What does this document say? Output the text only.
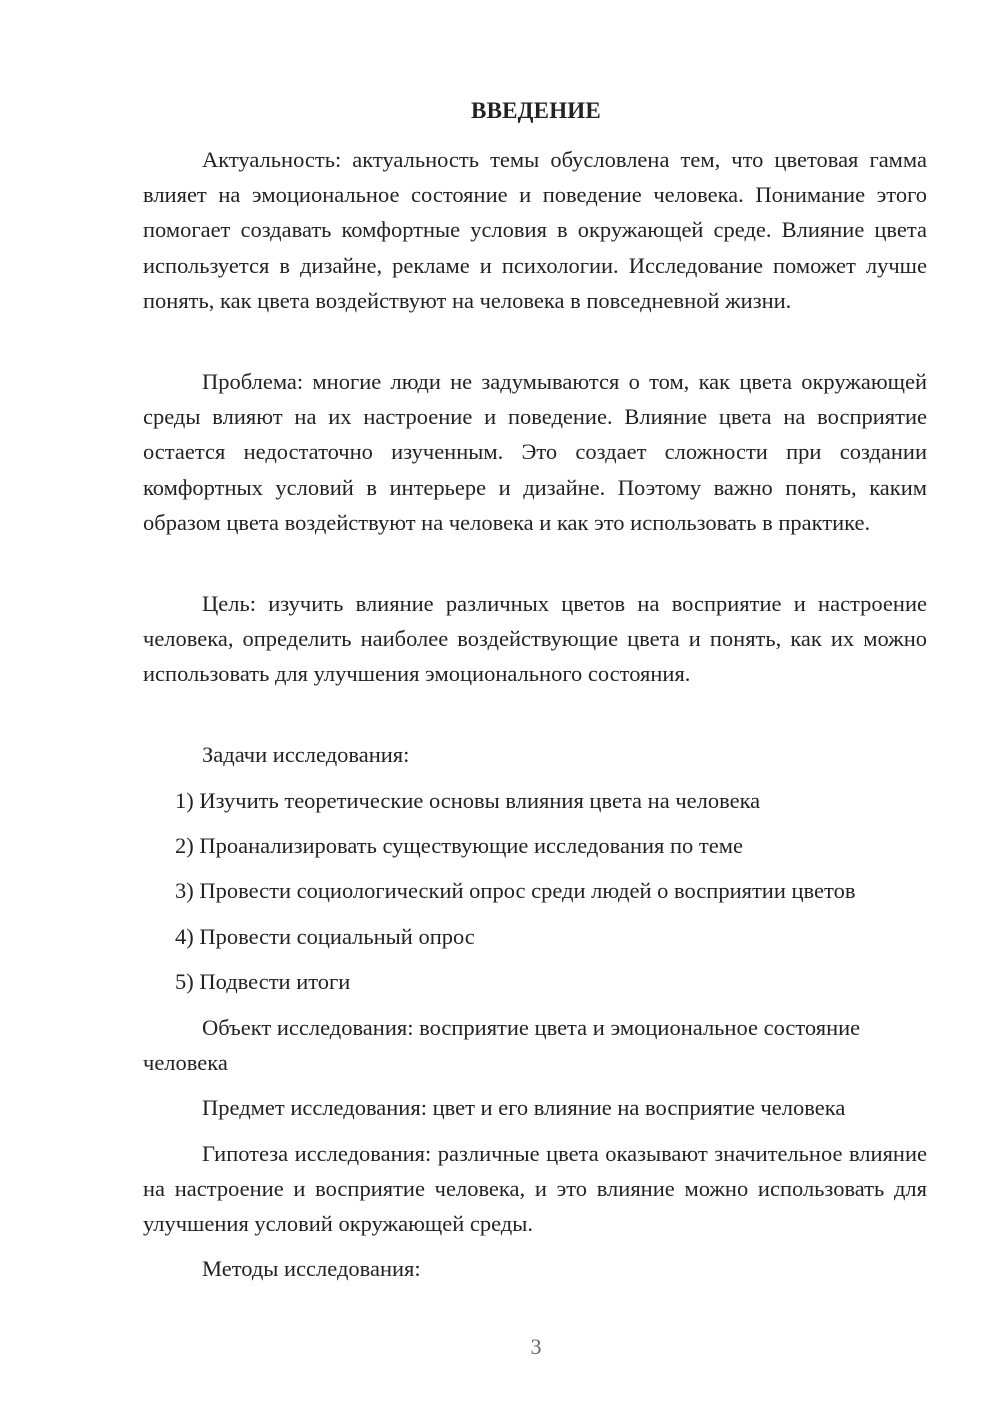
ВВЕДЕНИЕ

Актуальность: актуальность темы обусловлена тем, что цветовая гамма влияет на эмоциональное состояние и поведение человека. Понимание этого помогает создавать комфортные условия в окружающей среде. Влияние цвета используется в дизайне, рекламе и психологии. Исследование поможет лучше понять, как цвета воздействуют на человека в повседневной жизни.

Проблема: многие люди не задумываются о том, как цвета окружающей среды влияют на их настроение и поведение. Влияние цвета на восприятие остается недостаточно изученным. Это создает сложности при создании комфортных условий в интерьере и дизайне. Поэтому важно понять, каким образом цвета воздействуют на человека и как это использовать в практике.

Цель: изучить влияние различных цветов на восприятие и настроение человека, определить наиболее воздействующие цвета и понять, как их можно использовать для улучшения эмоционального состояния.

Задачи исследования:

1) Изучить теоретические основы влияния цвета на человека
2) Проанализировать существующие исследования по теме
3) Провести социологический опрос среди людей о восприятии цветов
4) Провести социальный опрос
5) Подвести итоги

Объект исследования: восприятие цвета и эмоциональное состояние человека

Предмет исследования: цвет и его влияние на восприятие человека

Гипотеза исследования: различные цвета оказывают значительное влияние на настроение и восприятие человека, и это влияние можно использовать для улучшения условий окружающей среды.

Методы исследования:

3
